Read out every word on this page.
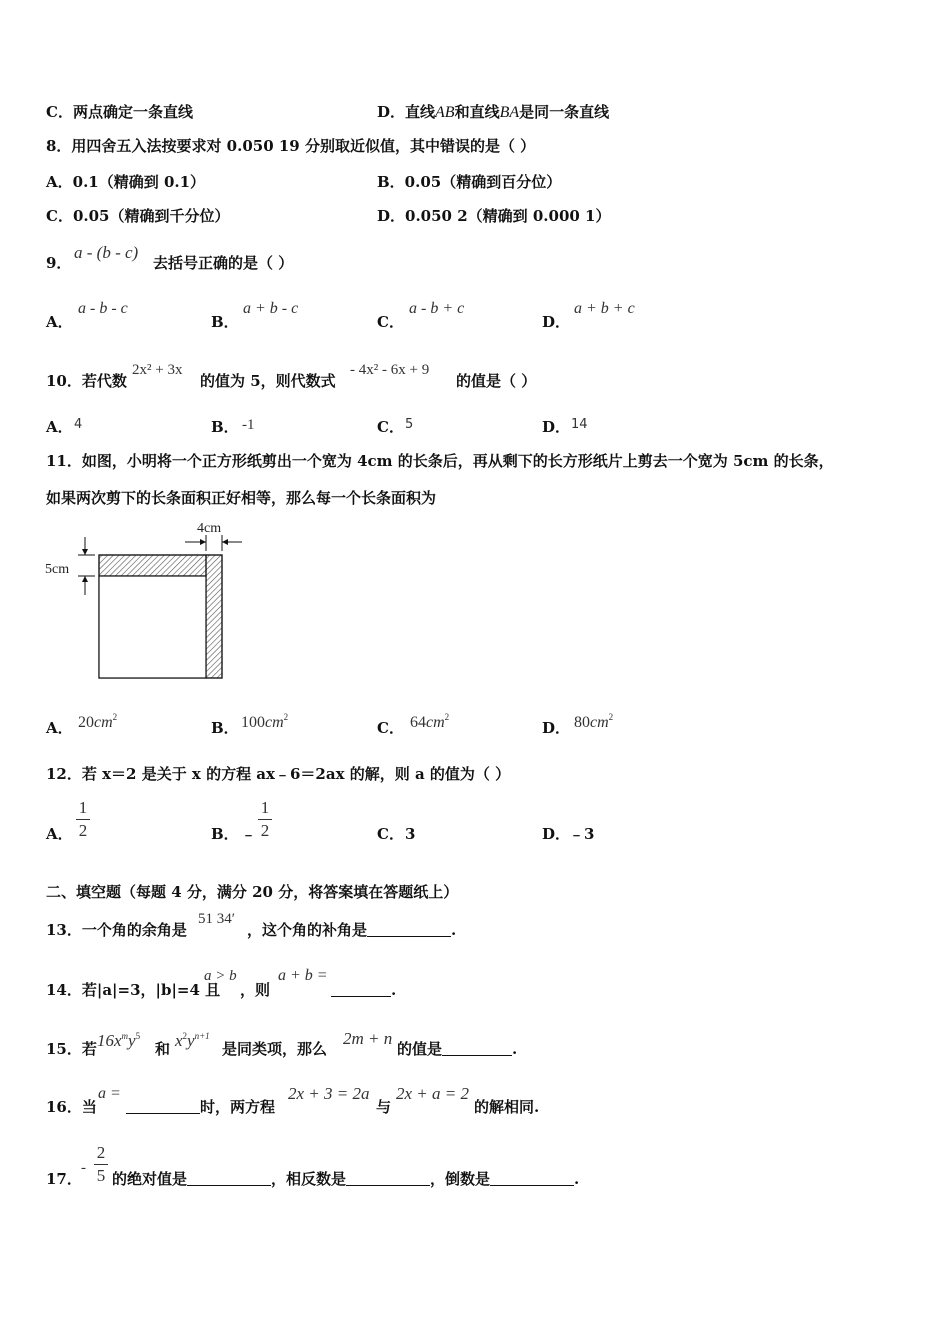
C．两点确定一条直线	D．直线AB和直线BA是同一条直线
8．用四舍五入法按要求对 0.050 19 分别取近似值，其中错误的是（ ）
A．0.1（精确到 0.1）	B．0.05（精确到百分位）
C．0.05（精确到千分位）	D．0.050 2（精确到 0.000 1）
9．
a - (b - c)
去括号正确的是（ ）
A．
a - b - c
B．
a + b - c
C．
a - b + c
D．
a + b + c
10．若代数
2x² + 3x
的值为 5，则代数式
- 4x² - 6x + 9
的值是（ ）
A． 4	B． -1	C． 5	D． 14
11．如图，小明将一个正方形纸剪出一个宽为 4cm 的长条后，再从剩下的长方形纸片上剪去一个宽为 5cm 的长条，
如果两次剪下的长条面积正好相等，那么每一个长条面积为
4cm
5cm
A． $20cm^2$
B． $100cm^2$
C． $64cm^2$
D． $80cm^2$
12．若 x＝2 是关于 x 的方程 ax﹣6＝2ax 的解，则 a 的值为（ ）
A．
1
2	B． ﹣
1
2	C． 3	D．
﹣3
二、填空题（每题 4 分，满分 20 分，将答案填在答题纸上）
13．一个角的余角是
51 34′
，这个角的补角是	.
14．若|a|=3，|b|=4 且
a > b
，则
a + b =
.
15．若 $16x^my^5$
和 $x^2y^{n+1}$
是同类项，那么
2m + n
的值是	.
16．当
a =
时，两方程
2x + 3 = 2a
与
2x + a = 2
的解相同.
17．
-
2
5 的绝对值是	，相反数是	，倒数是	.
